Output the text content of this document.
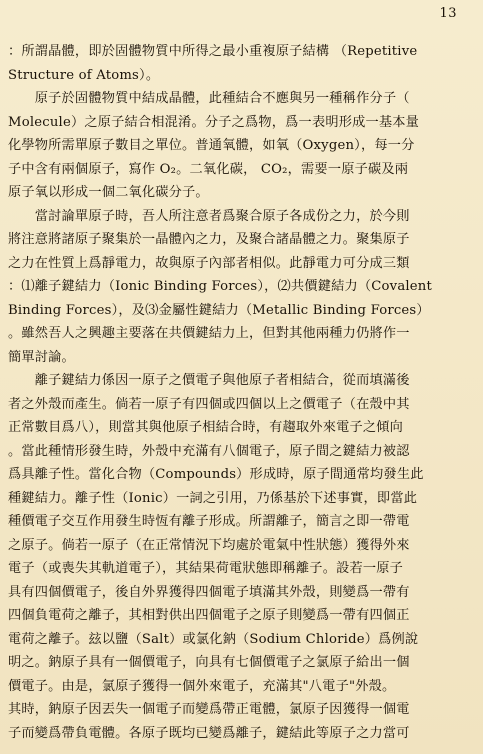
13
：所謂晶體，即於固體物質中所得之最小重複原子結構 （Repetitive
Structure of Atoms）。
　　原子於固體物質中結成晶體，此種結合不應與另一種稱作分子（
Molecule）之原子結合相混淆。分子之爲物，爲一表明形成一基本量
化學物所需單原子數目之單位。普通氧體，如氧（Oxygen），每一分
子中含有兩個原子，寫作 O₂。二氧化碳， CO₂，需要一原子碳及兩
原子氧以形成一個二氧化碳分子。
　　當討論單原子時，吾人所注意者爲聚合原子各成份之力，於今則
將注意將諸原子聚集於一晶體內之力，及聚合諸晶體之力。聚集原子
之力在性質上爲靜電力，故與原子內部者相似。此靜電力可分成三類
：⑴離子鍵結力（Ionic Binding Forces），⑵共價鍵結力（Covalent
Binding Forces），及⑶金屬性鍵結力（Metallic Binding Forces）
。雖然吾人之興趣主要落在共價鍵結力上，但對其他兩種力仍將作一
簡單討論。
　　離子鍵結力係因一原子之價電子與他原子者相結合，從而填滿後
者之外殼而產生。倘若一原子有四個或四個以上之價電子（在殼中其
正常數目爲八），則當其與他原子相結合時，有趨取外來電子之傾向
。當此種情形發生時，外殼中充滿有八個電子，原子間之鍵結力被認
爲具離子性。當化合物（Compounds）形成時，原子間通常均發生此
種鍵結力。離子性（Ionic）一詞之引用，乃係基於下述事實，即當此
種價電子交互作用發生時恆有離子形成。所謂離子，簡言之即一帶電
之原子。倘若一原子（在正常情況下均處於電氣中性狀態）獲得外來
電子（或喪失其軌道電子），其結果荷電狀態即稱離子。設若一原子
具有四個價電子，後自外界獲得四個電子填滿其外殼，則變爲一帶有
四個負電荷之離子，其相對供出四個電子之原子則變爲一帶有四個正
電荷之離子。玆以鹽（Salt）或氯化鈉（Sodium Chloride）爲例說
明之。鈉原子具有一個價電子，向具有七個價電子之氯原子給出一個
價電子。由是，氯原子獲得一個外來電子，充滿其"八電子"外殼。
其時，鈉原子因丟失一個電子而變爲帶正電體，氯原子因獲得一個電
子而變爲帶負電體。各原子既均已變爲離子，鍵結此等原子之力當可
